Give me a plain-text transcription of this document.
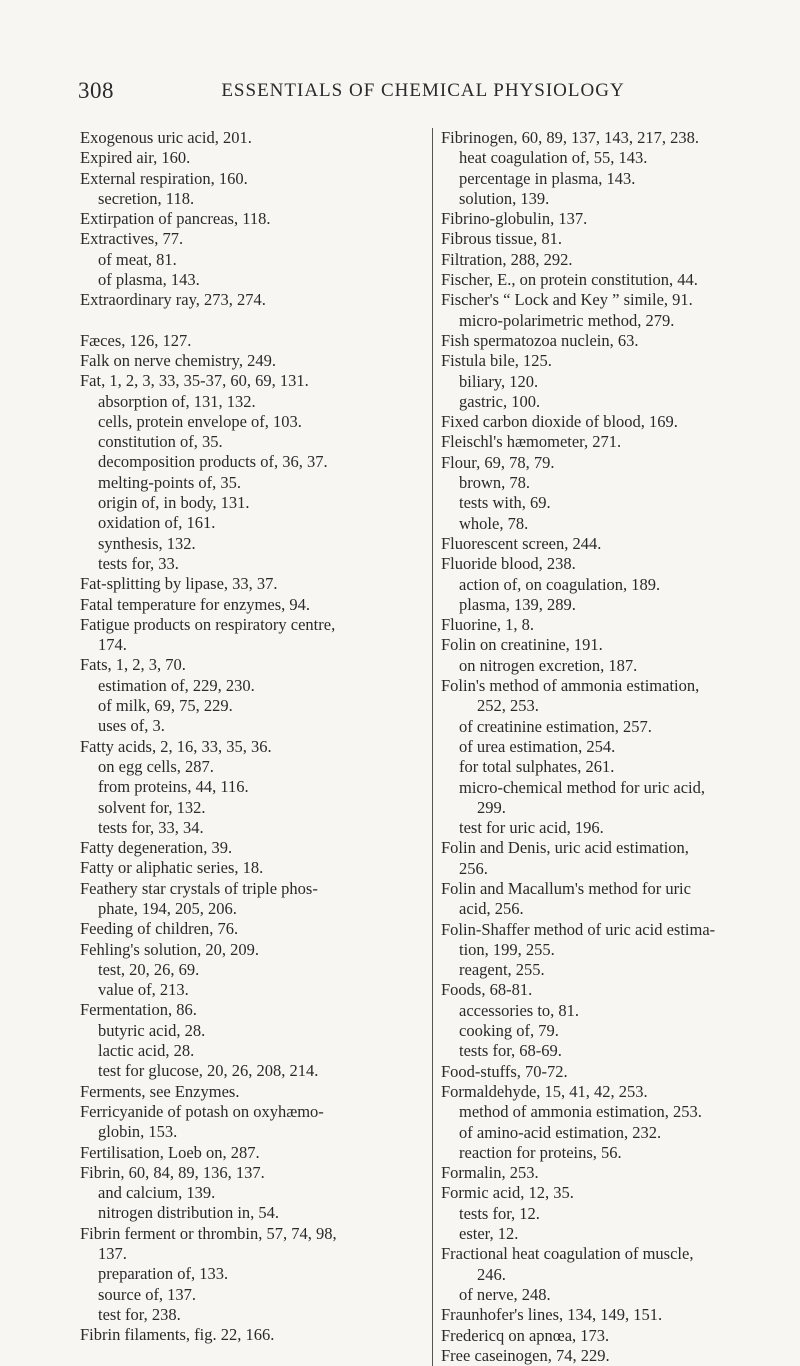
308	ESSENTIALS OF CHEMICAL PHYSIOLOGY
Exogenous uric acid, 201.
Expired air, 160.
External respiration, 160.
secretion, 118.
Extirpation of pancreas, 118.
Extractives, 77.
of meat, 81.
of plasma, 143.
Extraordinary ray, 273, 274.
Fæces, 126, 127.
Falk on nerve chemistry, 249.
Fat, 1, 2, 3, 33, 35-37, 60, 69, 131.
absorption of, 131, 132.
cells, protein envelope of, 103.
constitution of, 35.
decomposition products of, 36, 37.
melting-points of, 35.
origin of, in body, 131.
oxidation of, 161.
synthesis, 132.
tests for, 33.
Fat-splitting by lipase, 33, 37.
Fatal temperature for enzymes, 94.
Fatigue products on respiratory centre,
174.
Fats, 1, 2, 3, 70.
estimation of, 229, 230.
of milk, 69, 75, 229.
uses of, 3.
Fatty acids, 2, 16, 33, 35, 36.
on egg cells, 287.
from proteins, 44, 116.
solvent for, 132.
tests for, 33, 34.
Fatty degeneration, 39.
Fatty or aliphatic series, 18.
Feathery star crystals of triple phos-
phate, 194, 205, 206.
Feeding of children, 76.
Fehling's solution, 20, 209.
test, 20, 26, 69.
value of, 213.
Fermentation, 86.
butyric acid, 28.
lactic acid, 28.
test for glucose, 20, 26, 208, 214.
Ferments, see Enzymes.
Ferricyanide of potash on oxyhæmo-
globin, 153.
Fertilisation, Loeb on, 287.
Fibrin, 60, 84, 89, 136, 137.
and calcium, 139.
nitrogen distribution in, 54.
Fibrin ferment or thrombin, 57, 74, 98,
137.
preparation of, 133.
source of, 137.
test for, 238.
Fibrin filaments, fig. 22, 166.
Fibrinogen, 60, 89, 137, 143, 217, 238.
heat coagulation of, 55, 143.
percentage in plasma, 143.
solution, 139.
Fibrino-globulin, 137.
Fibrous tissue, 81.
Filtration, 288, 292.
Fischer, E., on protein constitution, 44.
Fischer's “ Lock and Key ” simile, 91.
micro-polarimetric method, 279.
Fish spermatozoa nuclein, 63.
Fistula bile, 125.
biliary, 120.
gastric, 100.
Fixed carbon dioxide of blood, 169.
Fleischl's hæmometer, 271.
Flour, 69, 78, 79.
brown, 78.
tests with, 69.
whole, 78.
Fluorescent screen, 244.
Fluoride blood, 238.
action of, on coagulation, 189.
plasma, 139, 289.
Fluorine, 1, 8.
Folin on creatinine, 191.
on nitrogen excretion, 187.
Folin's method of ammonia estimation,
252, 253.
of creatinine estimation, 257.
of urea estimation, 254.
for total sulphates, 261.
micro-chemical method for uric acid,
299.
test for uric acid, 196.
Folin and Denis, uric acid estimation,
256.
Folin and Macallum's method for uric
acid, 256.
Folin-Shaffer method of uric acid estima-
tion, 199, 255.
reagent, 255.
Foods, 68-81.
accessories to, 81.
cooking of, 79.
tests for, 68-69.
Food-stuffs, 70-72.
Formaldehyde, 15, 41, 42, 253.
method of ammonia estimation, 253.
of amino-acid estimation, 232.
reaction for proteins, 56.
Formalin, 253.
Formic acid, 12, 35.
tests for, 12.
ester, 12.
Fractional heat coagulation of muscle,
246.
of nerve, 248.
Fraunhofer's lines, 134, 149, 151.
Fredericq on apnœa, 173.
Free caseinogen, 74, 229.
